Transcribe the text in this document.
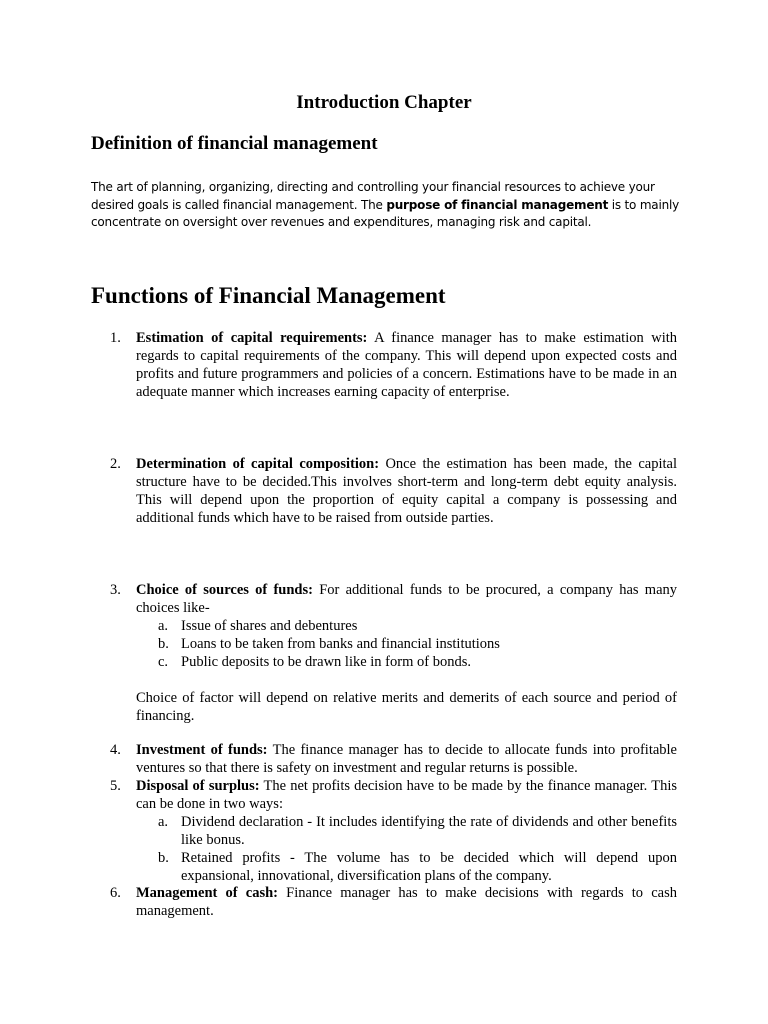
Introduction Chapter
Definition of financial management
The art of planning, organizing, directing and controlling your financial resources to achieve your desired goals is called financial management. The purpose of financial management is to mainly concentrate on oversight over revenues and expenditures, managing risk and capital.
Functions of Financial Management
1. Estimation of capital requirements: A finance manager has to make estimation with regards to capital requirements of the company. This will depend upon expected costs and profits and future programmers and policies of a concern. Estimations have to be made in an adequate manner which increases earning capacity of enterprise.
2. Determination of capital composition: Once the estimation has been made, the capital structure have to be decided.This involves short-term and long-term debt equity analysis. This will depend upon the proportion of equity capital a company is possessing and additional funds which have to be raised from outside parties.
3. Choice of sources of funds: For additional funds to be procured, a company has many choices like-
a. Issue of shares and debentures
b. Loans to be taken from banks and financial institutions
c. Public deposits to be drawn like in form of bonds.
Choice of factor will depend on relative merits and demerits of each source and period of financing.
4. Investment of funds: The finance manager has to decide to allocate funds into profitable ventures so that there is safety on investment and regular returns is possible.
5. Disposal of surplus: The net profits decision have to be made by the finance manager. This can be done in two ways:
a. Dividend declaration - It includes identifying the rate of dividends and other benefits like bonus.
b. Retained profits - The volume has to be decided which will depend upon expansional, innovational, diversification plans of the company.
6. Management of cash: Finance manager has to make decisions with regards to cash management.
